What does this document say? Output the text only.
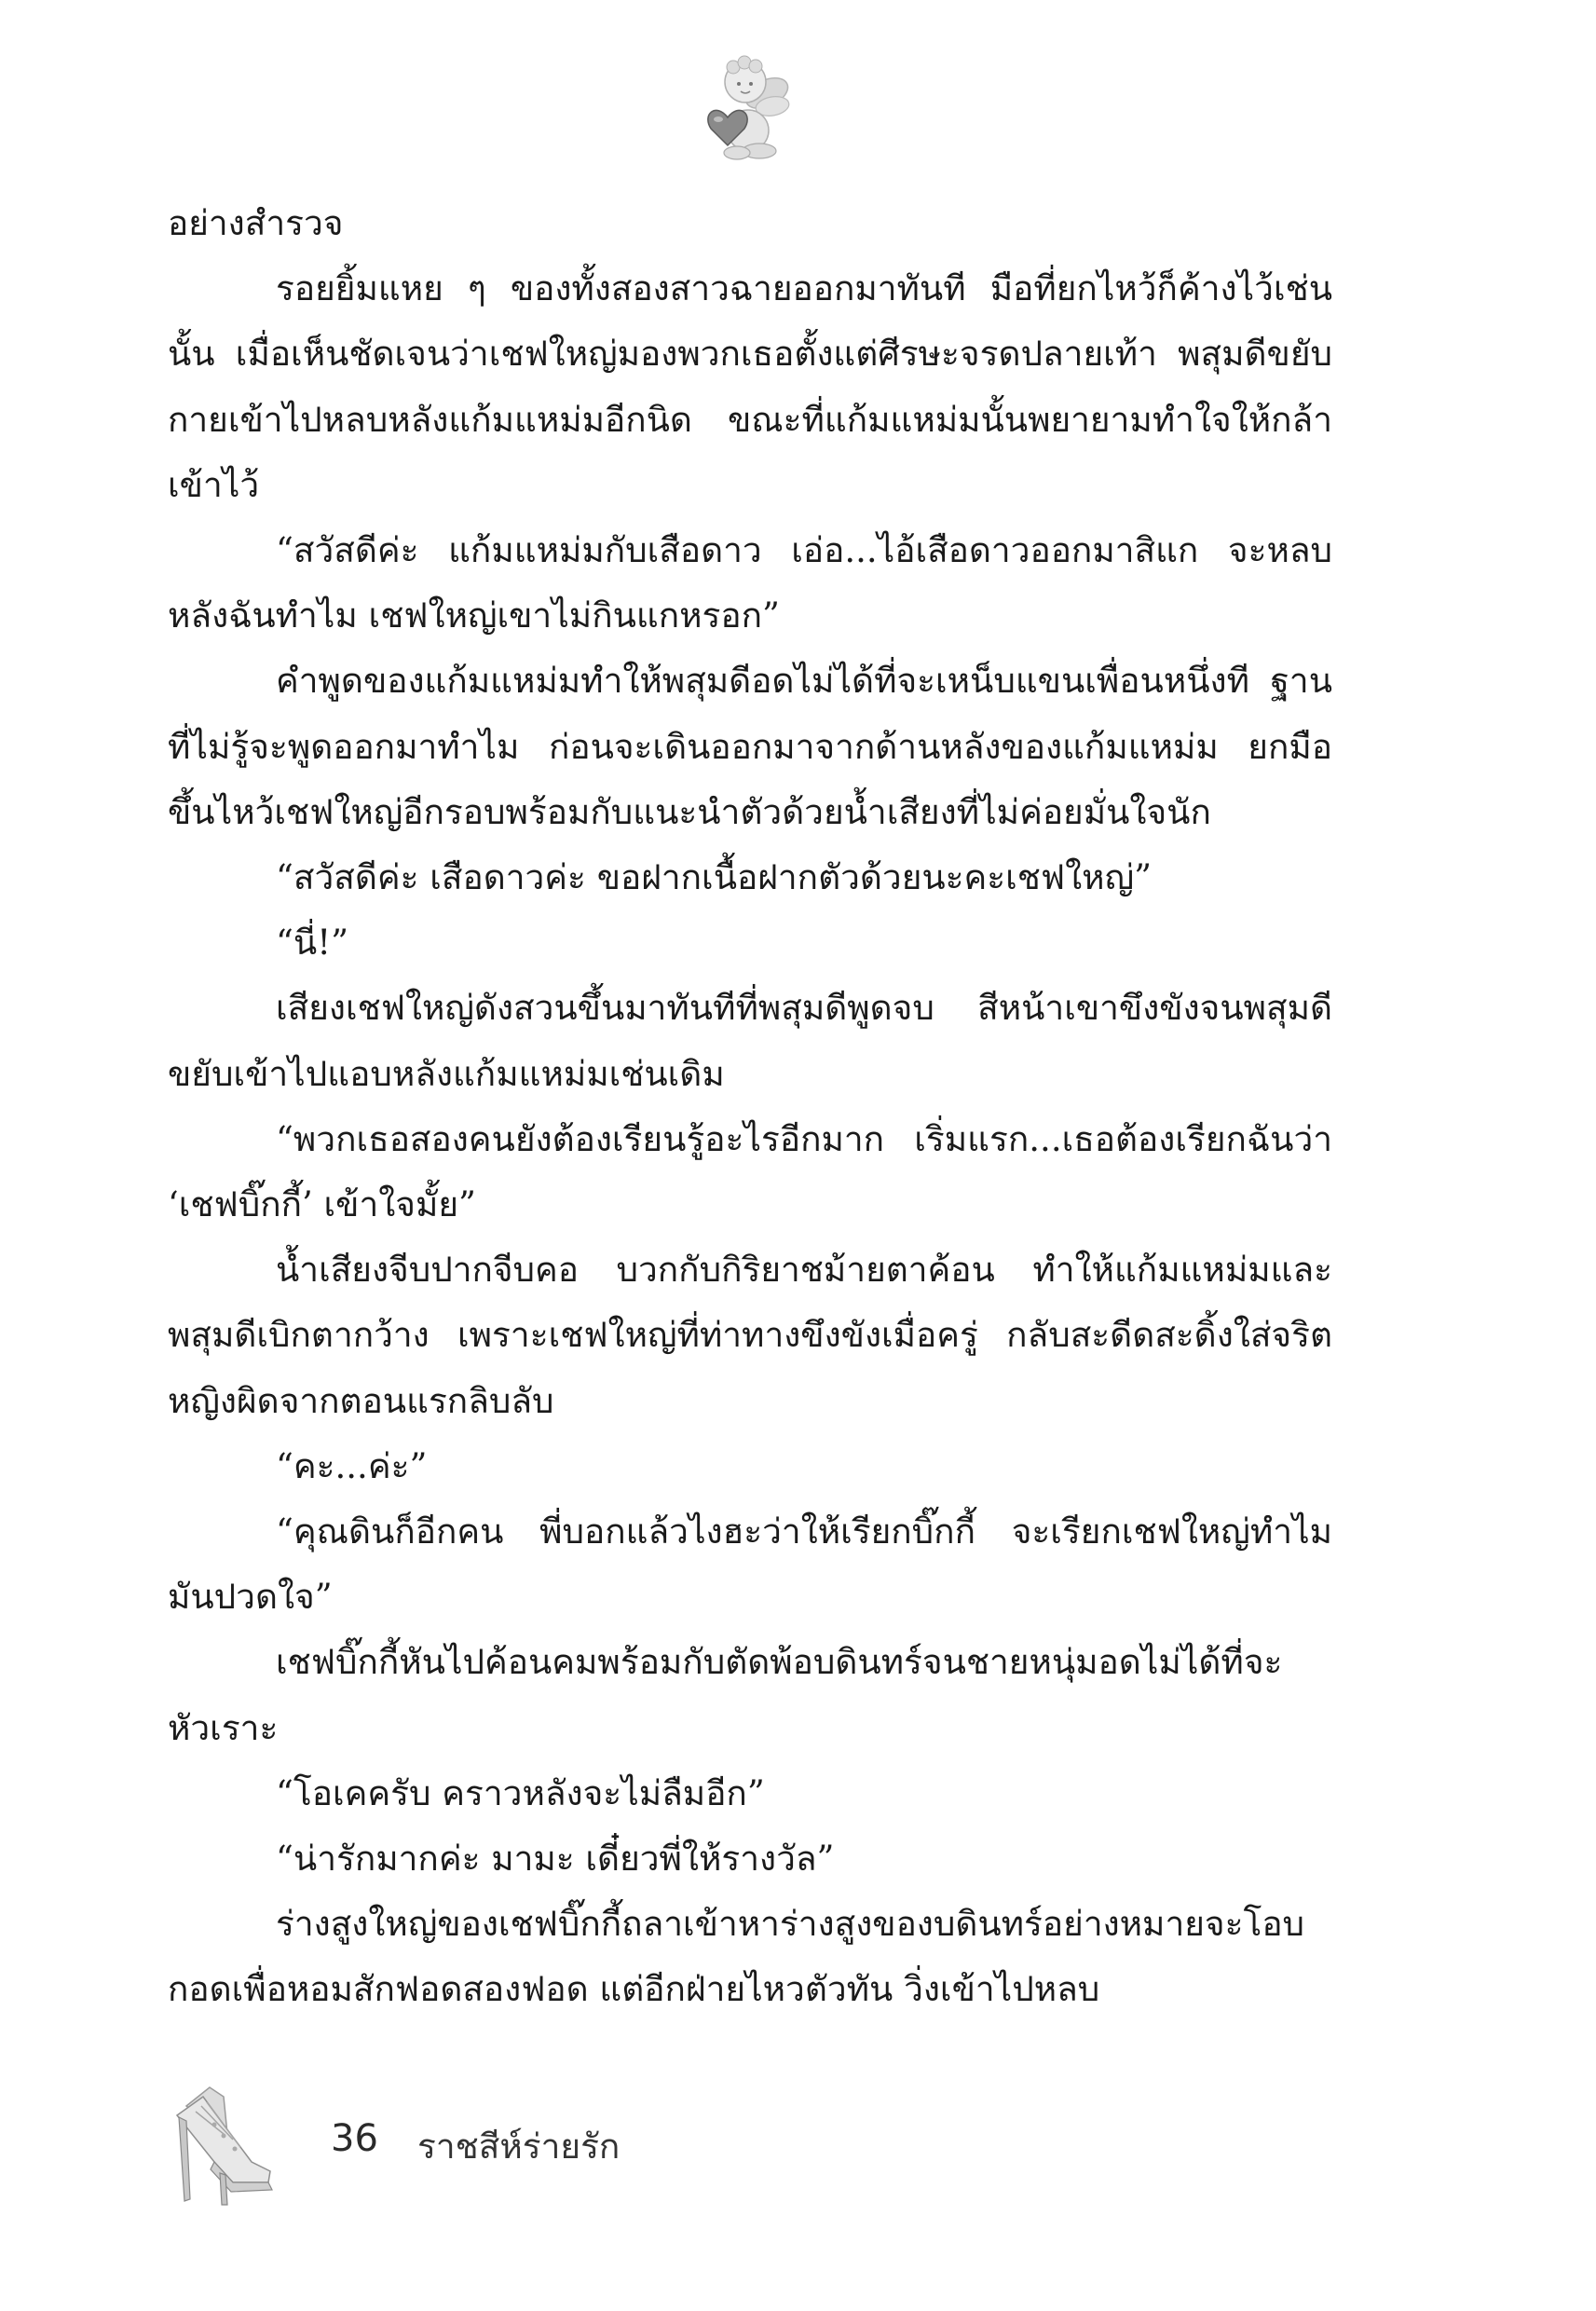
อย่างสำรวจ

รอยยิ้มแหย ๆ ของทั้งสองสาวฉายออกมาทันที มือที่ยกไหว้ก็ค้างไว้เช่นนั้น เมื่อเห็นชัดเจนว่าเชฟใหญ่มองพวกเธอตั้งแต่ศีรษะจรดปลายเท้า พสุมดีขยับกายเข้าไปหลบหลังแก้มแหม่มอีกนิด ขณะที่แก้มแหม่มนั้นพยายามทำใจให้กล้าเข้าไว้

“สวัสดีค่ะ แก้มแหม่มกับเสือดาว เอ่อ...ไอ้เสือดาวออกมาสิแก จะหลบหลังฉันทำไม เชฟใหญ่เขาไม่กินแกหรอก”

คำพูดของแก้มแหม่มทำให้พสุมดีอดไม่ได้ที่จะเหน็บแขนเพื่อนหนึ่งที ฐานที่ไม่รู้จะพูดออกมาทำไม ก่อนจะเดินออกมาจากด้านหลังของแก้มแหม่ม ยกมือขึ้นไหว้เชฟใหญ่อีกรอบพร้อมกับแนะนำตัวด้วยน้ำเสียงที่ไม่ค่อยมั่นใจนัก

“สวัสดีค่ะ เสือดาวค่ะ ขอฝากเนื้อฝากตัวด้วยนะคะเชฟใหญ่”

“นี่!”

เสียงเชฟใหญ่ดังสวนขึ้นมาทันทีที่พสุมดีพูดจบ สีหน้าเขาขึงขังจนพสุมดีขยับเข้าไปแอบหลังแก้มแหม่มเช่นเดิม

“พวกเธอสองคนยังต้องเรียนรู้อะไรอีกมาก เริ่มแรก...เธอต้องเรียกฉันว่า ‘เชฟบิ๊กกี้’ เข้าใจมั้ย”

น้ำเสียงจีบปากจีบคอ บวกกับกิริยาชม้ายตาค้อน ทำให้แก้มแหม่มและพสุมดีเบิกตากว้าง เพราะเชฟใหญ่ที่ท่าทางขึงขังเมื่อครู่ กลับสะดีดสะดิ้งใส่จริตหญิงผิดจากตอนแรกลิบลับ

“คะ...ค่ะ”

“คุณดินก็อีกคน พี่บอกแล้วไงฮะว่าให้เรียกบิ๊กกี้ จะเรียกเชฟใหญ่ทำไม มันปวดใจ”

เชฟบิ๊กกี้หันไปค้อนคมพร้อมกับตัดพ้อบดินทร์จนชายหนุ่มอดไม่ได้ที่จะหัวเราะ

“โอเคครับ คราวหลังจะไม่ลืมอีก”

“น่ารักมากค่ะ มามะ เดี๋ยวพี่ให้รางวัล”

ร่างสูงใหญ่ของเชฟบิ๊กกี้ถลาเข้าหาร่างสูงของบดินทร์อย่างหมายจะโอบกอดเพื่อหอมสักฟอดสองฟอด แต่อีกฝ่ายไหวตัวทัน วิ่งเข้าไปหลบ

36 ราชสีห์ร่ายรัก
